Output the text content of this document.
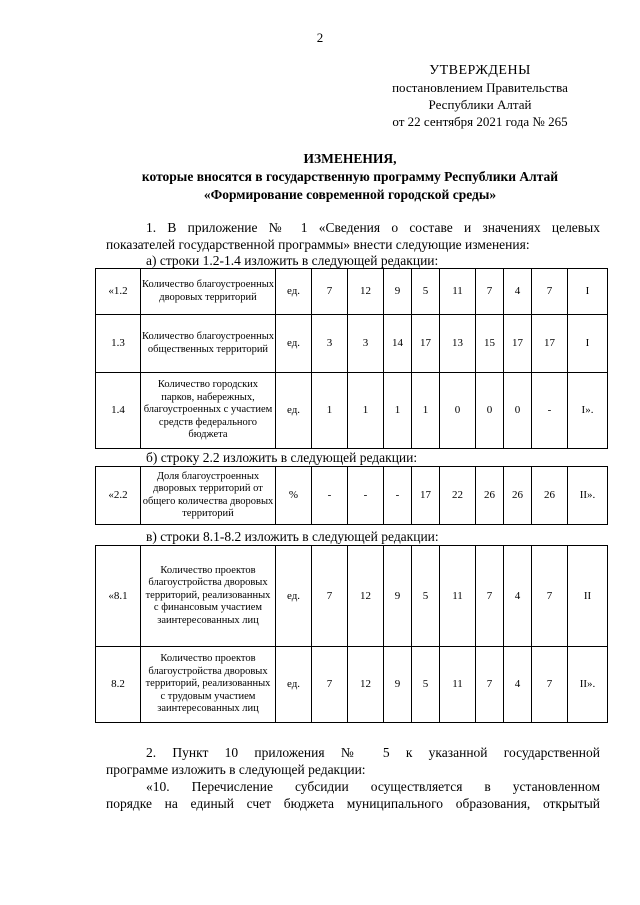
2
УТВЕРЖДЕНЫ
постановлением Правительства
Республики Алтай
от 22 сентября 2021 года № 265
ИЗМЕНЕНИЯ,
которые вносятся в государственную программу Республики Алтай
«Формирование современной городской среды»
1. В приложение № 1 «Сведения о составе и значениях целевых
показателей государственной программы» внести следующие изменения:
а) строки 1.2-1.4 изложить в следующей редакции:
«1.2	Количество благоустроенных дворовых территорий	ед.	7	12	9	5	11	7	4	7	I
1.3	Количество благоустроенных общественных территорий	ед.	3	3	14	17	13	15	17	17	I
1.4	Количество городских парков, набережных, благоустроенных с участием средств федерального бюджета	ед.	1	1	1	1	0	0	0	-	I».
б) строку 2.2 изложить в следующей редакции:
«2.2	Доля благоустроенных дворовых территорий от общего количества дворовых территорий	%	-	-	-	17	22	26	26	26	II».
в) строки 8.1-8.2 изложить в следующей редакции:
«8.1	Количество проектов благоустройства дворовых территорий, реализованных с финансовым участием заинтересованных лиц	ед.	7	12	9	5	11	7	4	7	II
8.2	Количество проектов благоустройства дворовых территорий, реализованных с трудовым участием заинтересованных лиц	ед.	7	12	9	5	11	7	4	7	II».
2. Пункт 10 приложения № 5 к указанной государственной
программе изложить в следующей редакции:
«10. Перечисление субсидии осуществляется в установленном
порядке на единый счет бюджета муниципального образования, открытый
